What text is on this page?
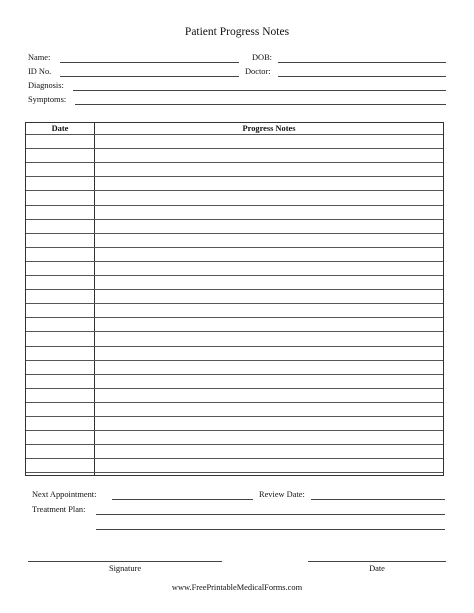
Patient Progress Notes
Name:	DOB:
ID No.	Doctor:
Diagnosis:
Symptoms:
Date	Progress Notes
Next Appointment:	Review Date:
Treatment Plan:
Signature	Date
www.FreePrintableMedicalForms.com
